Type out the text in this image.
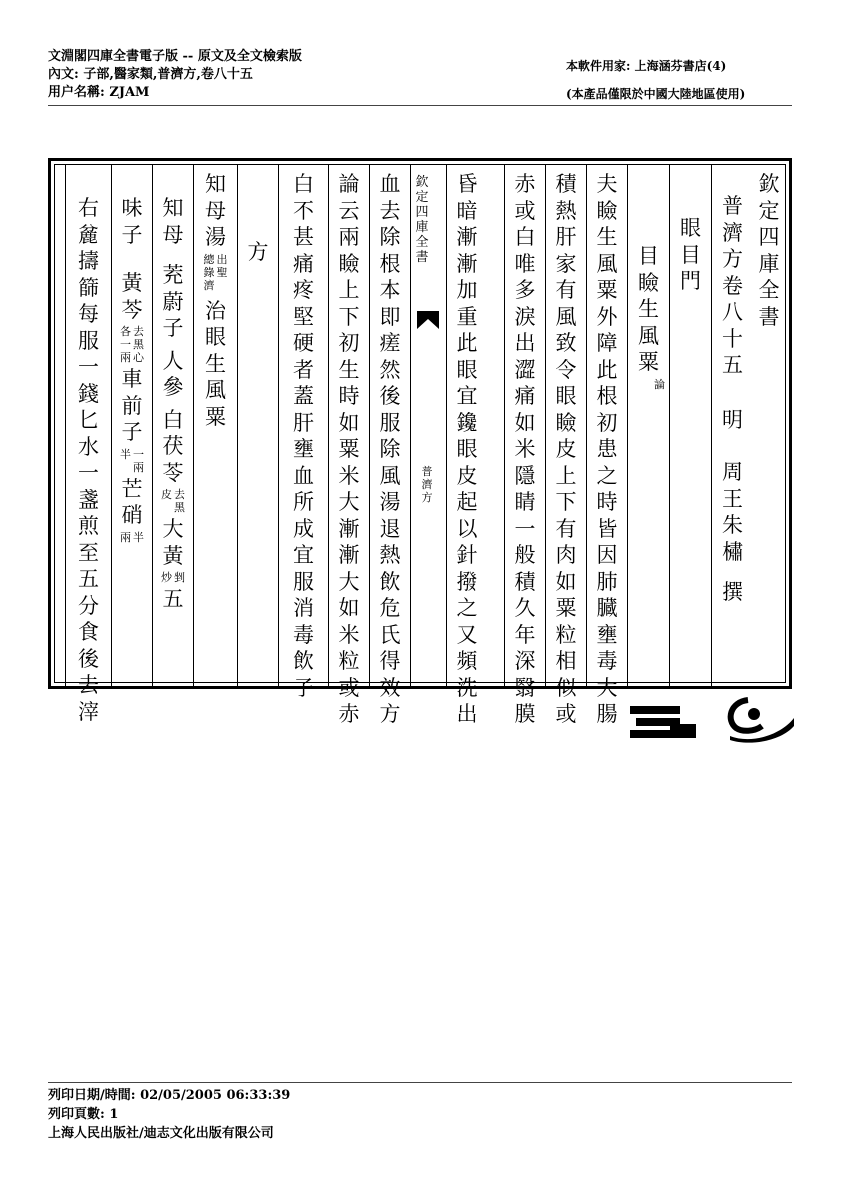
文淵閣四庫全書電子版 -- 原文及全文檢索版
內文: 子部,醫家類,普濟方,卷八十五
用户名稱: ZJAM
本軟件用家: 上海涵芬書店(4)
(本產品僅限於中國大陸地區使用)
欽定四庫全書
普濟方卷八十五
明
周王朱橚
撰
眼目門
目瞼生風粟
論
夫瞼生風粟外障此根初患之時皆因肺臓壅毒大腸
積熱肝家有風致令眼瞼皮上下有肉如粟粒相似或
赤或白唯多淚出澀痛如米隱睛一般積久年深翳膜
昏暗漸漸加重此眼宜鑱眼皮起以針撥之又頻洗出
欽定四庫全書
普濟方
血去除根本即瘥然後服除風湯退熱飲危氏得效方
論云兩瞼上下初生時如粟米大漸漸大如米粒或赤
白不甚痛疼堅硬者蓋肝壅血所成宜服消毒飲子
方
知母湯
出聖
總錄濟
治眼生風粟
知母
茺蔚子
人參
白茯苓
去黑
皮
大黃
剉
炒
五
味子
黃芩
去黑心
各一兩
車前子
一兩
半
芒硝
半
兩
右麄擣篩每服一錢匕水一盞煎至五分食後去滓
列印日期/時間: 02/05/2005 06:33:39
列印頁數: 1
上海人民出版社/迪志文化出版有限公司
